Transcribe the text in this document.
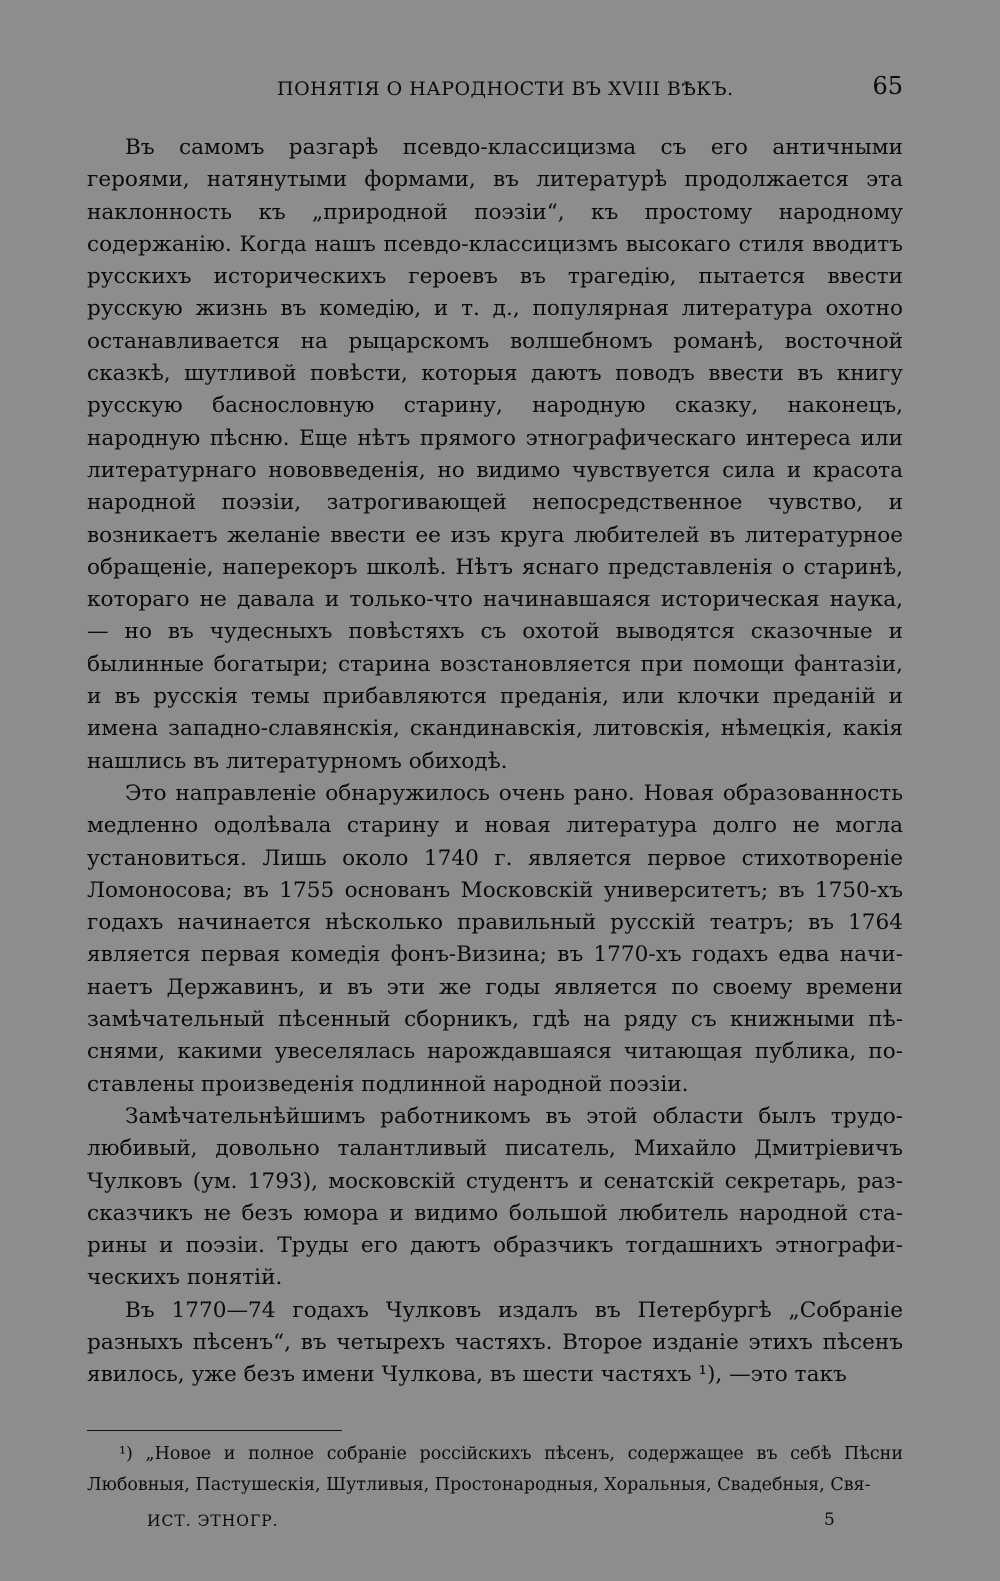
ПОНЯТІЯ О НАРОДНОСТИ ВЪ XVIII ВѢКЪ.	65

Въ самомъ разгарѣ псевдо-классицизма съ его античными героями, натянутыми формами, въ литературѣ продолжается эта наклонность къ „природной поэзіи“, къ простому народному содержанію. Когда нашъ псевдо-классицизмъ высокаго стиля вводитъ русскихъ историческихъ героевъ въ трагедію, пытается ввести русскую жизнь въ комедію, и т. д., популярная литература охотно останавливается на рыцарскомъ волшебномъ романѣ, восточной сказкѣ, шутливой повѣсти, которыя даютъ поводъ ввести въ книгу русскую баснословную старину, народную сказку, наконецъ, народную пѣсню. Еще нѣтъ прямого этнографическаго интереса или литературнаго нововведенія, но видимо чувствуется сила и красота народной поэзіи, затрогивающей непосредственное чувство, и возникаетъ желаніе ввести ее изъ круга любителей въ литературное обращеніе, наперекоръ школѣ. Нѣтъ яснаго представленія о старинѣ, котораго не давала и только-что начинавшаяся историческая наука, — но въ чудесныхъ повѣстяхъ съ охотой выводятся сказочные и былинные богатыри; старина возстановляется при помощи фантазіи, и въ русскія темы прибавляются преданія, или клочки преданій и имена западно-славянскія, скандинавскія, литовскія, нѣмецкія, какія нашлись въ литературномъ обиходѣ.

Это направленіе обнаружилось очень рано. Новая образованность медленно одолѣвала старину и новая литература долго не могла установиться. Лишь около 1740 г. является первое стихотвореніе Ломоносова; въ 1755 основанъ Московскій университетъ; въ 1750-хъ годахъ начинается нѣсколько правильный русскій театръ; въ 1764 является первая комедія фонъ-Визина; въ 1770-хъ годахъ едва начинаетъ Державинъ, и въ эти же годы является по своему времени замѣчательный пѣсенный сборникъ, гдѣ на ряду съ книжными пѣснями, какими увеселялась нарождавшаяся читающая публика, поставлены произведенія подлинной народной поэзіи.

Замѣчательнѣйшимъ работникомъ въ этой области былъ трудолюбивый, довольно талантливый писатель, Михайло Дмитріевичъ Чулковъ (ум. 1793), московскій студентъ и сенатскій секретарь, разсказчикъ не безъ юмора и видимо большой любитель народной старины и поэзіи. Труды его даютъ образчикъ тогдашнихъ этнографическихъ понятій.

Въ 1770—74 годахъ Чулковъ издалъ въ Петербургѣ „Собраніе разныхъ пѣсенъ“, въ четырехъ частяхъ. Второе изданіе этихъ пѣсенъ явилось, уже безъ имени Чулкова, въ шести частяхъ ¹), —это такъ

¹) „Новое и полное собраніе россійскихъ пѣсенъ, содержащее въ себѣ Пѣсни Любовныя, Пастушескія, Шутливыя, Простонародныя, Хоральныя, Свадебныя, Свя-

ИСТ. ЭТНОГР.	5
